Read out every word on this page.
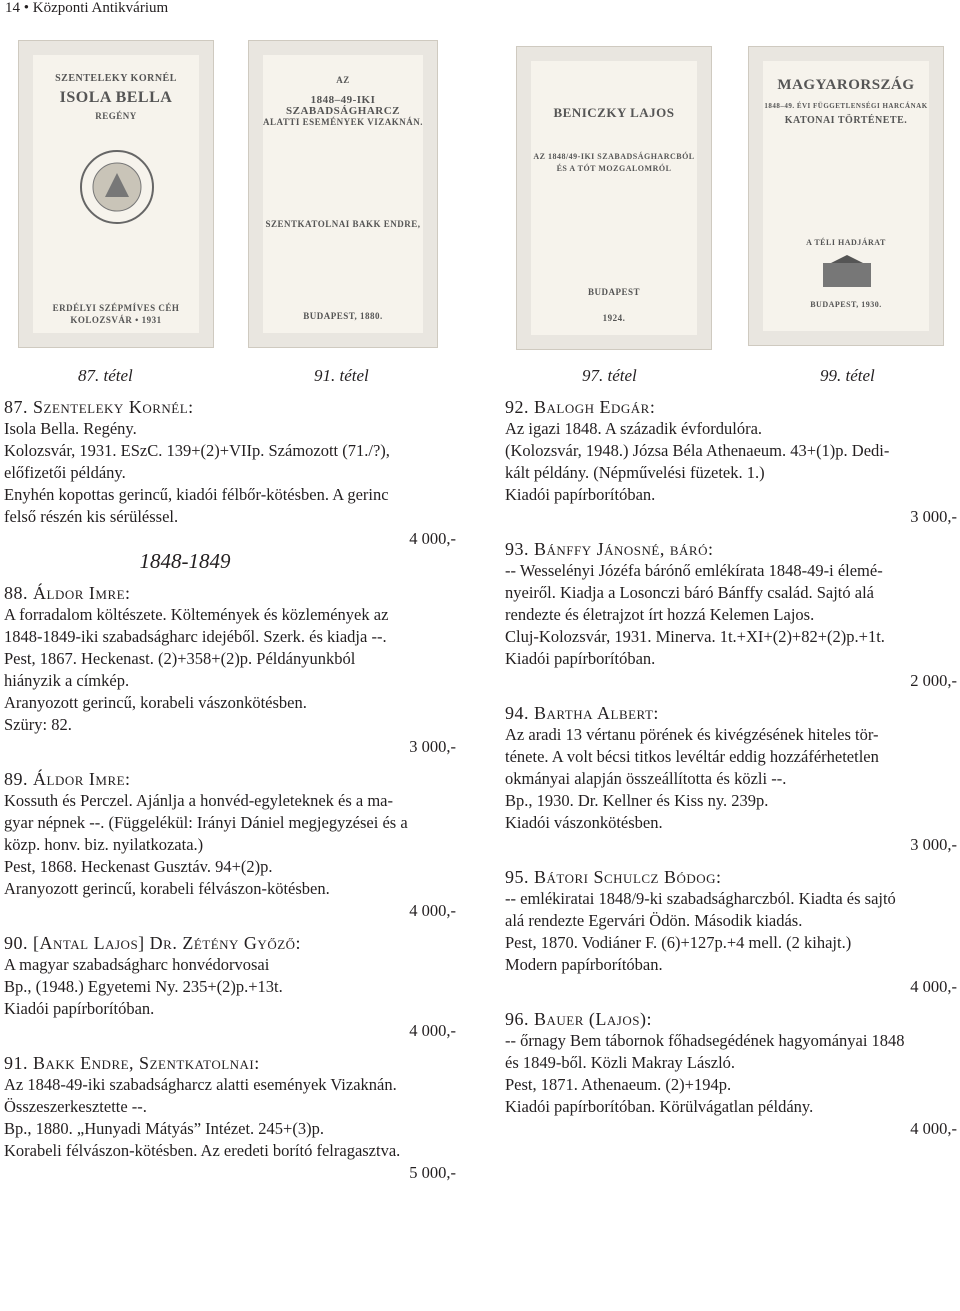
14 • Központi Antikvárium
SZENTELEKY KORNÉL
ISOLA BELLA
REGÉNY
ERDÉLYI SZÉPMÍVES CÉH
KOLOZSVÁR • 1931
AZ
1848–49-IKI SZABADSÁGHARCZ
ALATTI ESEMÉNYEK VIZAKNÁN.
SZENTKATOLNAI BAKK ENDRE,
BUDAPEST, 1880.
BENICZKY LAJOS
AZ 1848/49-IKI SZABADSÁGHARCBÓL
ÉS A TÓT MOZGALOMRÓL
BUDAPEST
1924.
MAGYARORSZÁG
1848–49. ÉVI FÜGGETLENSÉGI HARCÁNAK
KATONAI TÖRTÉNETE.
A TÉLI HADJÁRAT
BUDAPEST, 1930.
87. tétel	91. tétel	97. tétel	99. tétel

87. Szenteleky Kornél:

Isola Bella. Regény.

Kolozsvár, 1931. ESzC. 139+(2)+VIIp. Számozott (71./?),

előfizetői példány.

Enyhén kopottas gerincű, kiadói félbőr-kötésben. A gerinc

felső részén kis sérüléssel.

4 000,-

1848-1849

88. Áldor Imre:

A forradalom költészete. Költemények és közlemények az

1848-1849-iki szabadságharc idejéből. Szerk. és kiadja --.

Pest, 1867. Heckenast. (2)+358+(2)p. Példányunkból

hiányzik a címkép.

Aranyozott gerincű, korabeli vászonkötésben.

Szüry: 82.

3 000,-

89. Áldor Imre:

Kossuth és Perczel. Ajánlja a honvéd-egyleteknek és a ma-

gyar népnek --. (Függelékül: Irányi Dániel megjegyzései és a

közp. honv. biz. nyilatkozata.)

Pest, 1868. Heckenast Gusztáv. 94+(2)p.

Aranyozott gerincű, korabeli félvászon-kötésben.

4 000,-

90. [Antal Lajos] Dr. Zétény Győző:

A magyar szabadságharc honvédorvosai

Bp., (1948.) Egyetemi Ny. 235+(2)p.+13t.

Kiadói papírborítóban.

4 000,-

91. Bakk Endre, Szentkatolnai:

Az 1848-49-iki szabadságharcz alatti események Vizaknán.

Összeszerkesztette --.

Bp., 1880. „Hunyadi Mátyás” Intézet. 245+(3)p.

Korabeli félvászon-kötésben. Az eredeti borító felragasztva.

5 000,-

92. Balogh Edgár:

Az igazi 1848. A századik évfordulóra.

(Kolozsvár, 1948.) Józsa Béla Athenaeum. 43+(1)p. Dedi-

kált példány. (Népművelési füzetek. 1.)

Kiadói papírborítóban.

3 000,-

93. Bánffy Jánosné, báró:

-- Wesselényi Józéfa bárónő emlékírata 1848-49-i élemé-

nyeiről. Kiadja a Losonczi báró Bánffy család. Sajtó alá

rendezte és életrajzot írt hozzá Kelemen Lajos.

Cluj-Kolozsvár, 1931. Minerva. 1t.+XI+(2)+82+(2)p.+1t.

Kiadói papírborítóban.

2 000,-

94. Bartha Albert:

Az aradi 13 vértanu pörének és kivégzésének hiteles tör-

ténete. A volt bécsi titkos levéltár eddig hozzáférhetetlen

okmányai alapján összeállította és közli --.

Bp., 1930. Dr. Kellner és Kiss ny. 239p.

Kiadói vászonkötésben.

3 000,-

95. Bátori Schulcz Bódog:

-- emlékiratai 1848/9-ki szabadságharczból. Kiadta és sajtó

alá rendezte Egervári Ödön. Második kiadás.

Pest, 1870. Vodiáner F. (6)+127p.+4 mell. (2 kihajt.)

Modern papírborítóban.

4 000,-

96. Bauer (Lajos):

-- őrnagy Bem tábornok főhadsegédének hagyományai 1848

és 1849-ből. Közli Makray László.

Pest, 1871. Athenaeum. (2)+194p.

Kiadói papírborítóban. Körülvágatlan példány.

4 000,-
